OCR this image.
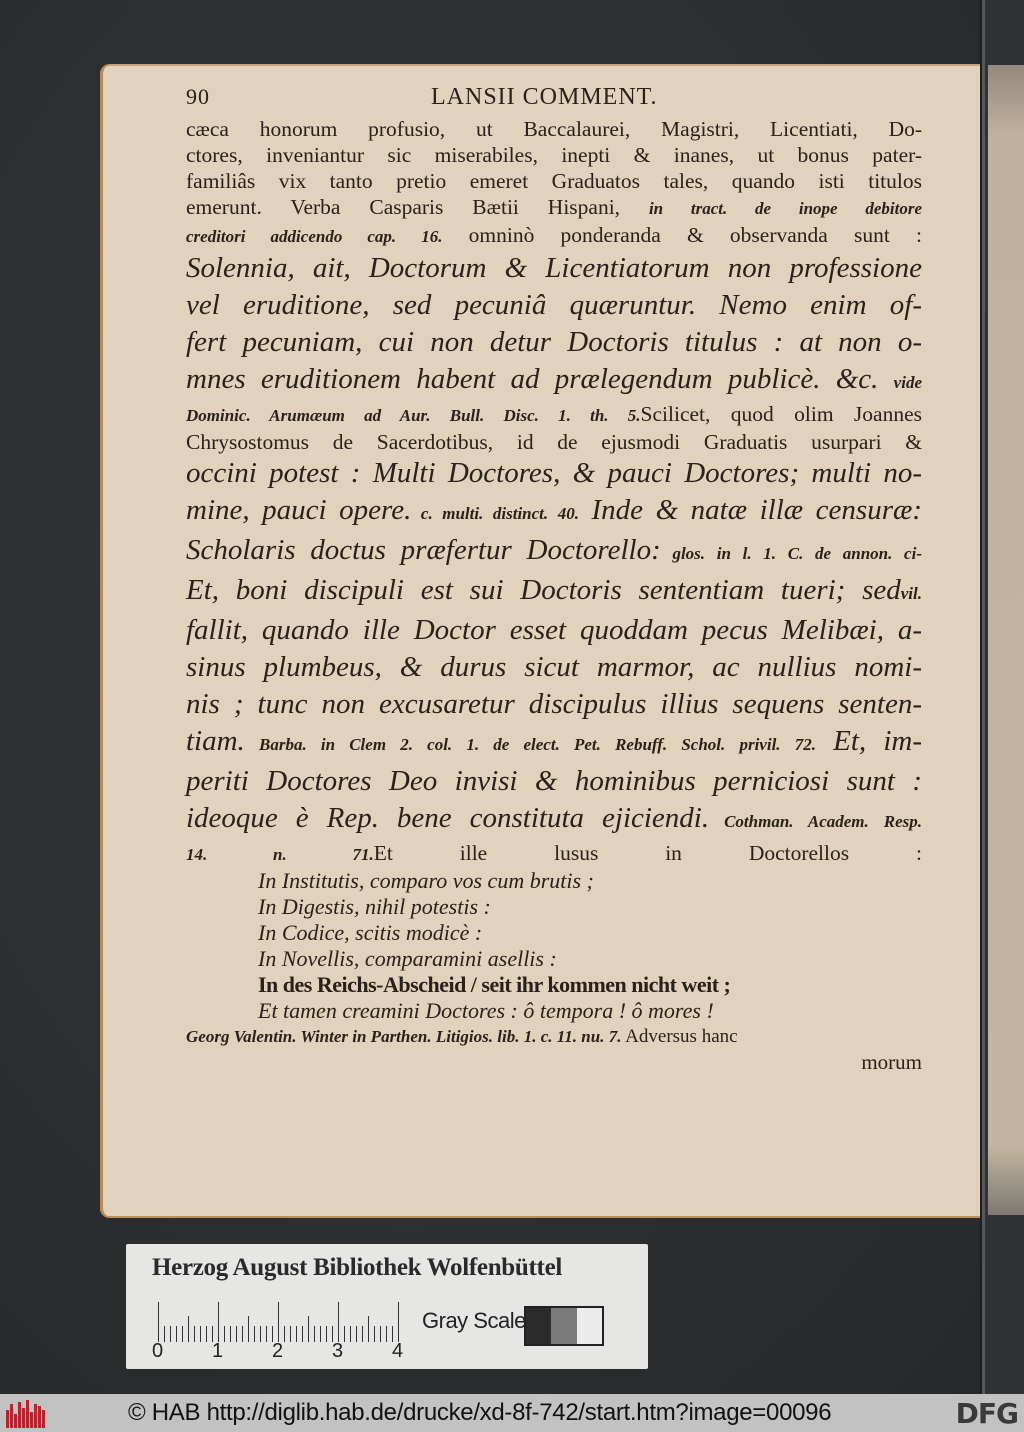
90	LANSII COMMENT.
cæca honorum profusio, ut Baccalaurei, Magistri, Licentiati, Do-
ctores, inveniantur sic miserabiles, inepti & inanes, ut bonus pater-
familiâs vix tanto pretio emeret Graduatos tales, quando isti titulos
emerunt. Verba Casparis Bætii Hispani, in tract. de inope debitore
creditori addicendo cap. 16. omninò ponderanda & observanda sunt :
Solennia, ait, Doctorum & Licentiatorum non professione
vel eruditione, sed pecuniâ quæruntur. Nemo enim of-
fert pecuniam, cui non detur Doctoris titulus : at non o-
mnes eruditionem habent ad prælegendum publicè. &c. vide
Dominic. Arumæum ad Aur. Bull. Disc. 1. th. 5.Scilicet, quod olim Joannes
Chrysostomus de Sacerdotibus, id de ejusmodi Graduatis usurpari &
occini potest : Multi Doctores, & pauci Doctores; multi no-
mine, pauci opere. c. multi. distinct. 40. Inde & natæ illæ censuræ:
Scholaris doctus præfertur Doctorello: glos. in l. 1. C. de annon. ci-
Et, boni discipuli est sui Doctoris sententiam tueri; sedvil.
fallit, quando ille Doctor esset quoddam pecus Melibæi, a-
sinus plumbeus, & durus sicut marmor, ac nullius nomi-
nis ; tunc non excusaretur discipulus illius sequens senten-
tiam. Barba. in Clem 2. col. 1. de elect. Pet. Rebuff. Schol. privil. 72. Et, im-
periti Doctores Deo invisi & hominibus perniciosi sunt :
ideoque è Rep. bene constituta ejiciendi. Cothman. Academ. Resp.
14. n. 71.Et ille lusus in Doctorellos :
In Institutis, comparo vos cum brutis ;
In Digestis, nihil potestis :
In Codice, scitis modicè :
In Novellis, comparamini asellis :
In des Reichs-Abscheid / seit ihr kommen nicht weit ;
Et tamen creamini Doctores : ô tempora ! ô mores !
Georg Valentin. Winter in Parthen. Litigios. lib. 1. c. 11. nu. 7. Adversus hanc
morum
Herzog August Bibliothek Wolfenbüttel
0 1 2 3 4
Gray Scale
© HAB http://diglib.hab.de/drucke/xd-8f-742/start.htm?image=00096	DFG
